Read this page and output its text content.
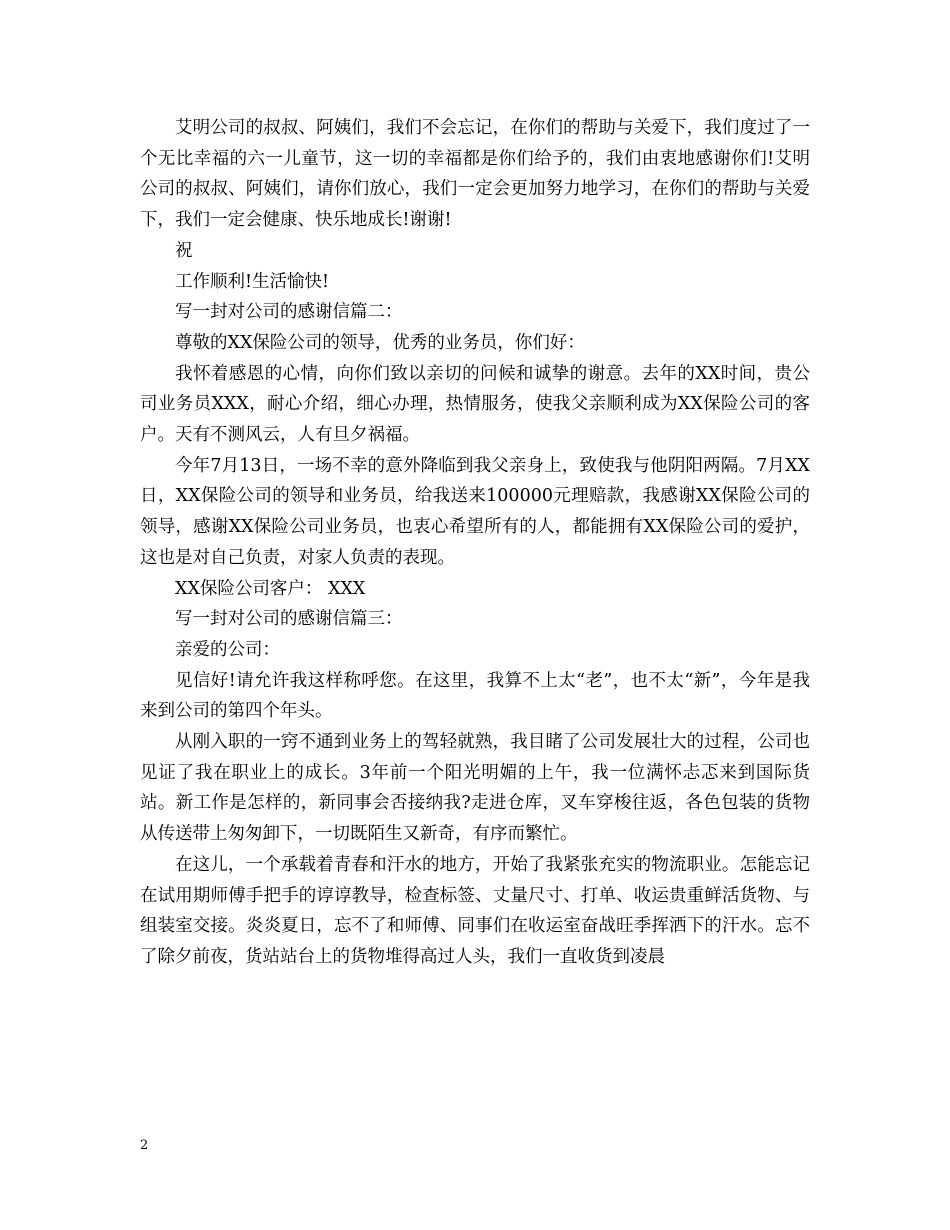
艾明公司的叔叔、阿姨们，我们不会忘记，在你们的帮助与关爱下，我们度过了一个无比幸福的六一儿童节，这一切的幸福都是你们给予的，我们由衷地感谢你们!艾明公司的叔叔、阿姨们，请你们放心，我们一定会更加努力地学习，在你们的帮助与关爱下，我们一定会健康、快乐地成长!谢谢!

祝

工作顺利!生活愉快!

写一封对公司的感谢信篇二：

尊敬的XX保险公司的领导，优秀的业务员，你们好：

我怀着感恩的心情，向你们致以亲切的问候和诚挚的谢意。去年的XX时间，贵公司业务员XXX，耐心介绍，细心办理，热情服务，使我父亲顺利成为XX保险公司的客户。天有不测风云，人有旦夕祸福。

今年7月13日，一场不幸的意外降临到我父亲身上，致使我与他阴阳两隔。7月XX日，XX保险公司的领导和业务员，给我送来100000元理赔款，我感谢XX保险公司的领导，感谢XX保险公司业务员，也衷心希望所有的人，都能拥有XX保险公司的爱护，这也是对自己负责，对家人负责的表现。

XX保险公司客户： XXX

写一封对公司的感谢信篇三：

亲爱的公司：

见信好!请允许我这样称呼您。在这里，我算不上太“老”，也不太“新”，今年是我来到公司的第四个年头。

从刚入职的一窍不通到业务上的驾轻就熟，我目睹了公司发展壮大的过程，公司也见证了我在职业上的成长。3年前一个阳光明媚的上午，我一位满怀忐忑来到国际货站。新工作是怎样的，新同事会否接纳我?走进仓库，叉车穿梭往返，各色包装的货物从传送带上匆匆卸下，一切既陌生又新奇，有序而繁忙。

在这儿，一个承载着青春和汗水的地方，开始了我紧张充实的物流职业。怎能忘记在试用期师傅手把手的谆谆教导，检查标签、丈量尺寸、打单、收运贵重鲜活货物、与组装室交接。炎炎夏日，忘不了和师傅、同事们在收运室奋战旺季挥洒下的汗水。忘不了除夕前夜，货站站台上的货物堆得高过人头，我们一直收货到凌晨

2
